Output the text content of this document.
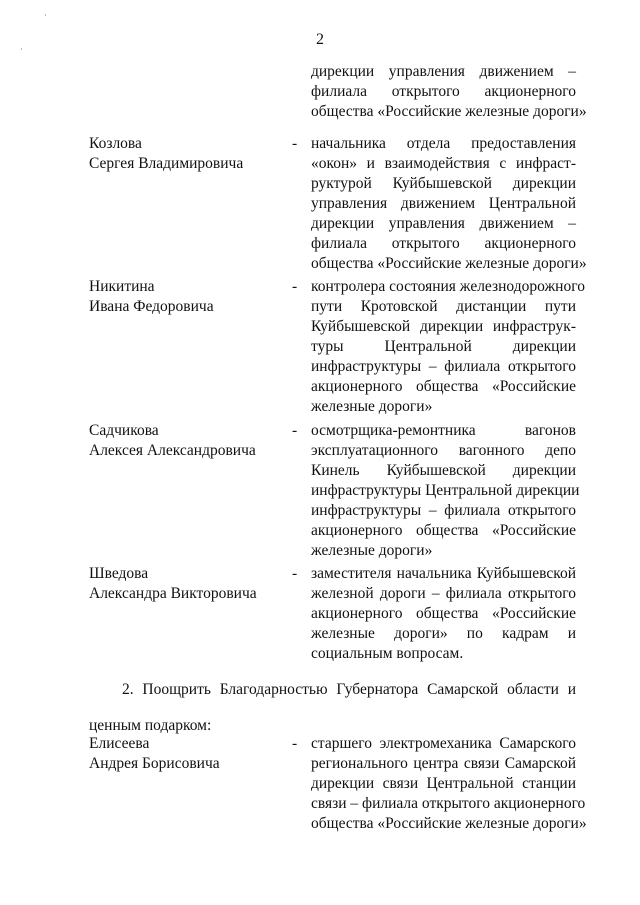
·
·
2
дирекции управления движением –
филиала открытого акционерного
общества «Российские железные дороги»
Козлова
Сергея Владимировича
- начальника отдела предоставления
«окон» и взаимодействия с инфраст-
руктурой Куйбышевской дирекции
управления движением Центральной
дирекции управления движением –
филиала открытого акционерного
общества «Российские железные дороги»
Никитина
Ивана Федоровича
- контролера состояния железнодорожного
пути Кротовской дистанции пути
Куйбышевской дирекции инфраструк-
туры Центральной дирекции
инфраструктуры – филиала открытого
акционерного общества «Российские
железные дороги»
Садчикова
Алексея Александровича
- осмотрщика-ремонтника вагонов
эксплуатационного вагонного депо
Кинель Куйбышевской дирекции
инфраструктуры Центральной дирекции
инфраструктуры – филиала открытого
акционерного общества «Российские
железные дороги»
Шведова
Александра Викторовича
- заместителя начальника Куйбышевской
железной дороги – филиала открытого
акционерного общества «Российские
железные дороги» по кадрам и
социальным вопросам.
2. Поощрить Благодарностью Губернатора Самарской области и
ценным подарком:
Елисеева
Андрея Борисовича
- старшего электромеханика Самарского
регионального центра связи Самарской
дирекции связи Центральной станции
связи – филиала открытого акционерного
общества «Российские железные дороги»
